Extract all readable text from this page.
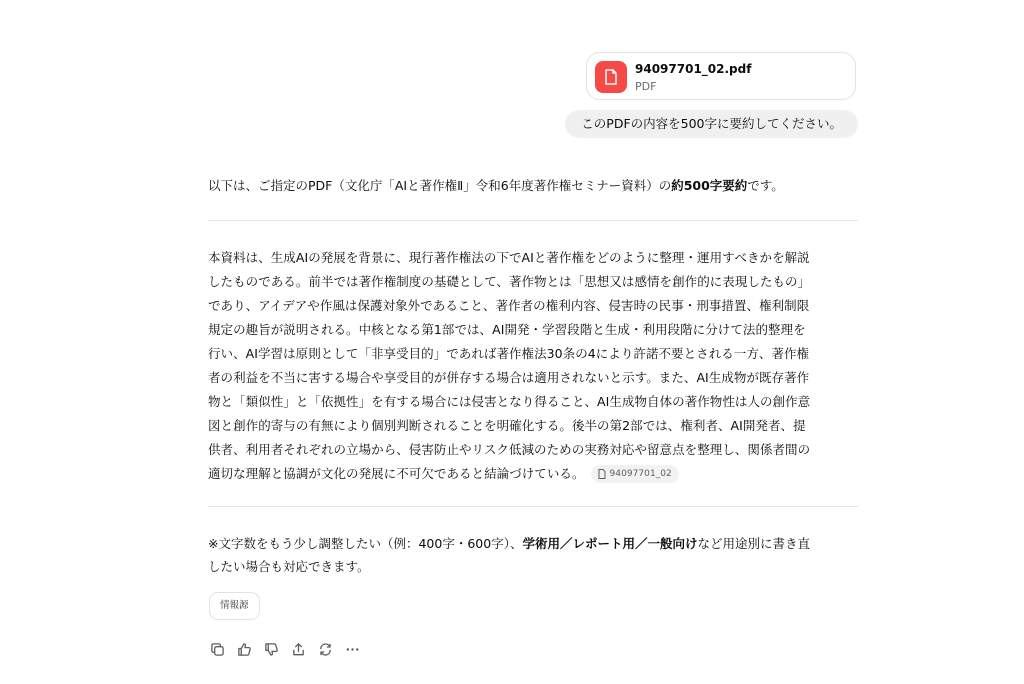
94097701_02.pdf
PDF
このPDFの内容を500字に要約してください。
以下は、ご指定のPDF（文化庁「AIと著作権Ⅱ」令和6年度著作権セミナー資料）の約500字要約です。
本資料は、生成AIの発展を背景に、現行著作権法の下でAIと著作権をどのように整理・運用すべきかを解説
したものである。前半では著作権制度の基礎として、著作物とは「思想又は感情を創作的に表現したもの」
であり、アイデアや作風は保護対象外であること、著作者の権利内容、侵害時の民事・刑事措置、権利制限
規定の趣旨が説明される。中核となる第1部では、AI開発・学習段階と生成・利用段階に分けて法的整理を
行い、AI学習は原則として「非享受目的」であれば著作権法30条の4により許諾不要とされる一方、著作権
者の利益を不当に害する場合や享受目的が併存する場合は適用されないと示す。また、AI生成物が既存著作
物と「類似性」と「依拠性」を有する場合には侵害となり得ること、AI生成物自体の著作物性は人の創作意
図と創作的寄与の有無により個別判断されることを明確化する。後半の第2部では、権利者、AI開発者、提
供者、利用者それぞれの立場から、侵害防止やリスク低減のための実務対応や留意点を整理し、関係者間の
適切な理解と協調が文化の発展に不可欠であると結論づけている。	94097701_02
※文字数をもう少し調整したい（例：400字・600字）、学術用／レポート用／一般向けなど用途別に書き直
したい場合も対応できます。
情報源
